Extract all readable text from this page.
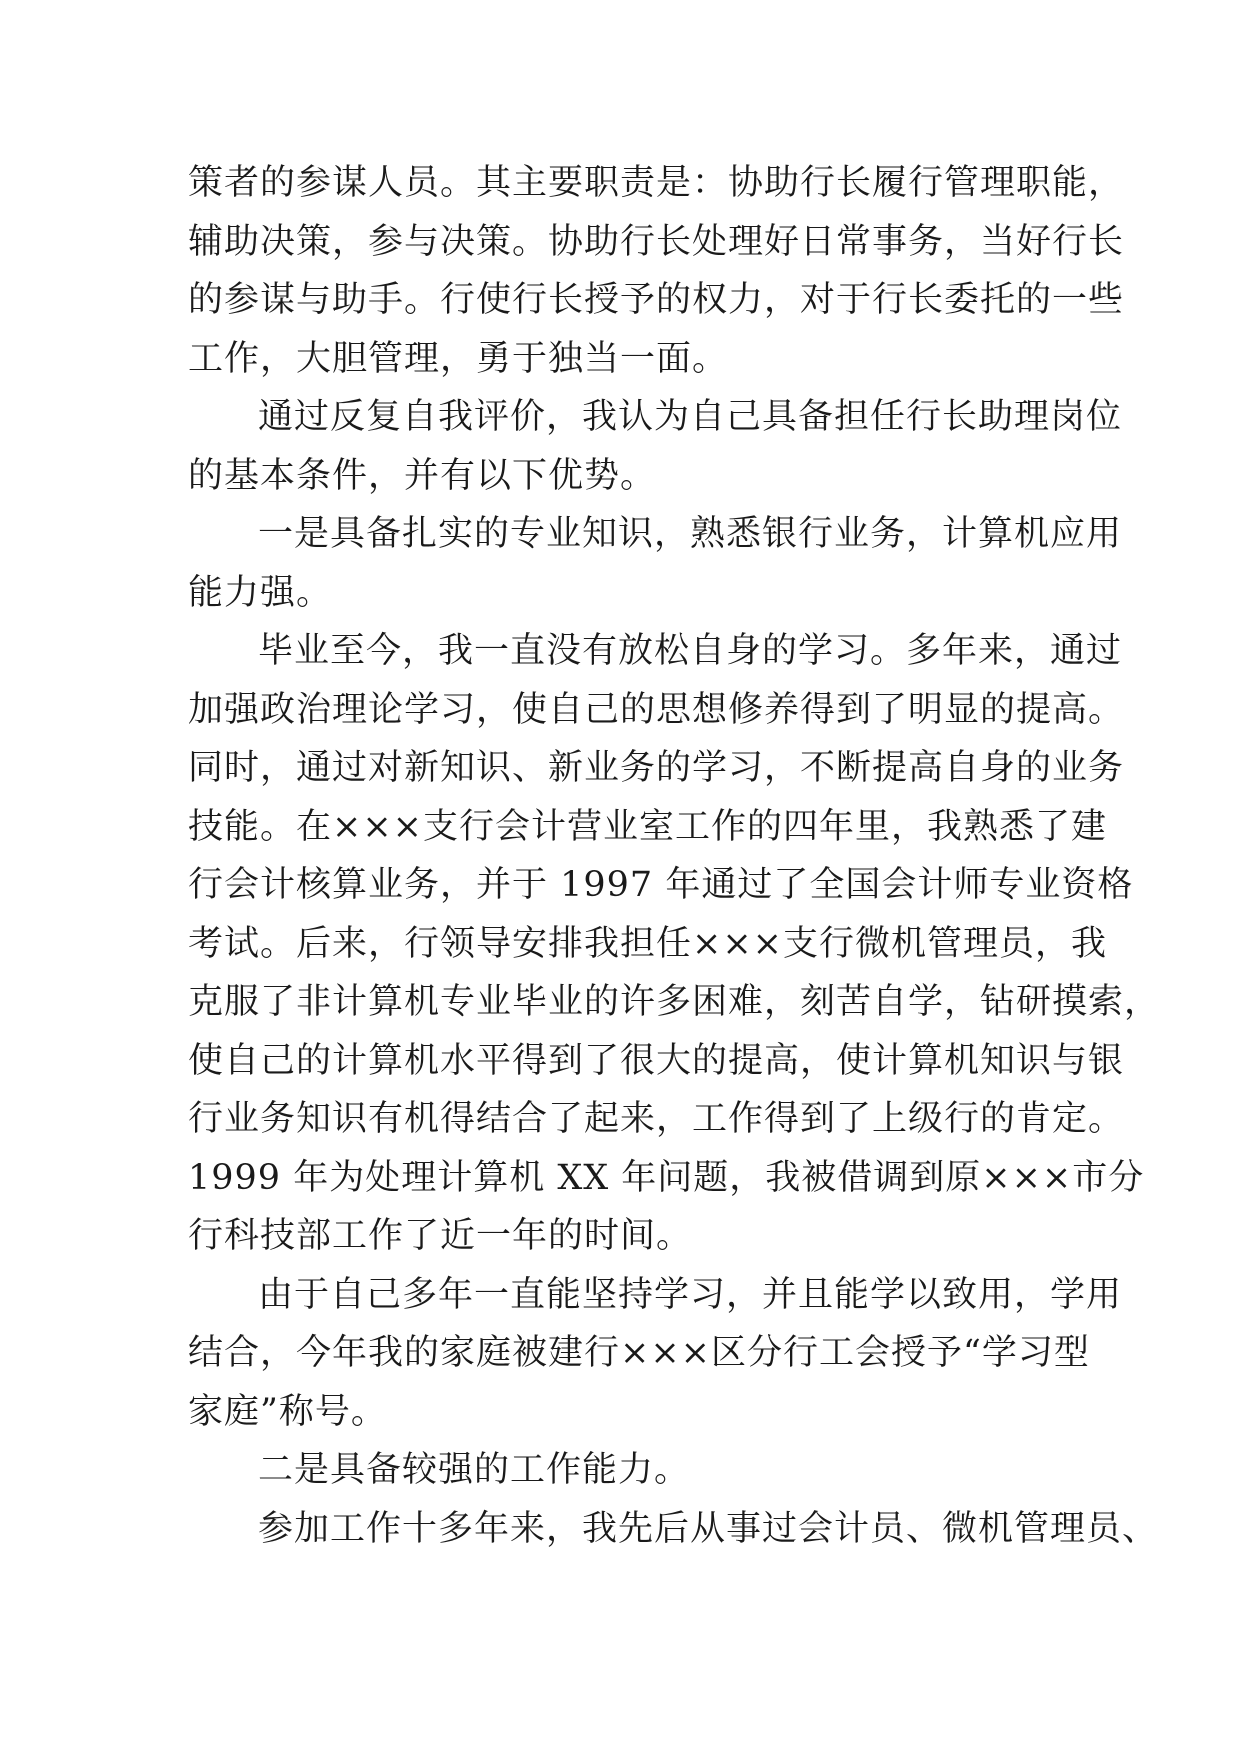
策者的参谋人员。其主要职责是：协助行长履行管理职能，
辅助决策，参与决策。协助行长处理好日常事务，当好行长
的参谋与助手。行使行长授予的权力，对于行长委托的一些
工作，大胆管理，勇于独当一面。
通过反复自我评价，我认为自己具备担任行长助理岗位
的基本条件，并有以下优势。
一是具备扎实的专业知识，熟悉银行业务，计算机应用
能力强。
毕业至今，我一直没有放松自身的学习。多年来，通过
加强政治理论学习，使自己的思想修养得到了明显的提高。
同时，通过对新知识、新业务的学习，不断提高自身的业务
技能。在×××支行会计营业室工作的四年里，我熟悉了建
行会计核算业务，并于 1997 年通过了全国会计师专业资格
考试。后来，行领导安排我担任×××支行微机管理员，我
克服了非计算机专业毕业的许多困难，刻苦自学，钻研摸索，
使自己的计算机水平得到了很大的提高，使计算机知识与银
行业务知识有机得结合了起来，工作得到了上级行的肯定。
1999 年为处理计算机 XX 年问题，我被借调到原×××市分
行科技部工作了近一年的时间。
由于自己多年一直能坚持学习，并且能学以致用，学用
结合，今年我的家庭被建行×××区分行工会授予“学习型
家庭”称号。
二是具备较强的工作能力。
参加工作十多年来，我先后从事过会计员、微机管理员、
